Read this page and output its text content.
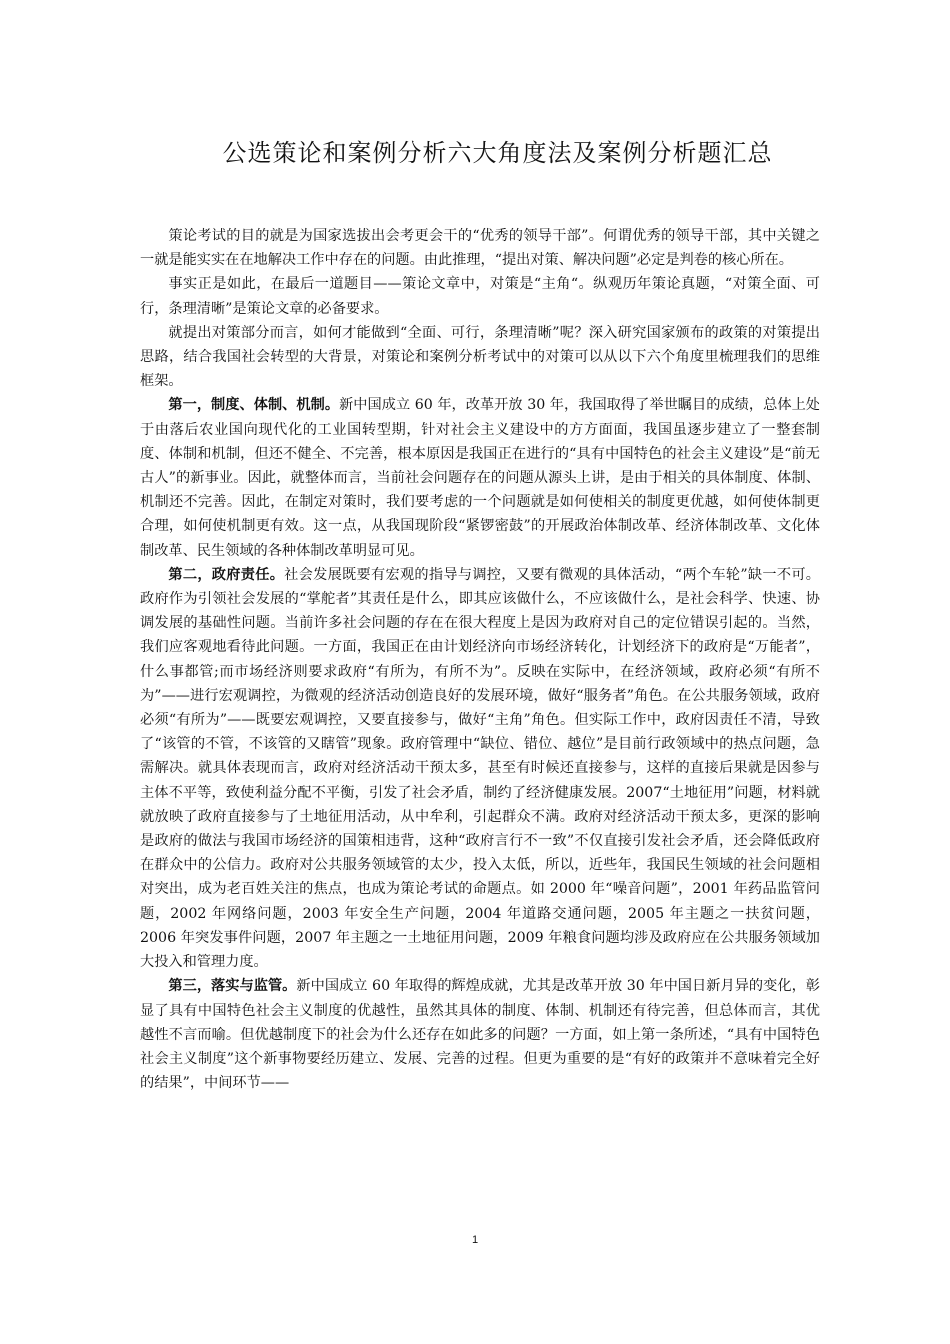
公选策论和案例分析六大角度法及案例分析题汇总

策论考试的目的就是为国家选拔出会考更会干的“优秀的领导干部”。何谓优秀的领导干部，其中关键之一就是能实实在在地解决工作中存在的问题。由此推理，“提出对策、解决问题”必定是判卷的核心所在。

事实正是如此，在最后一道题目——策论文章中，对策是“主角“。纵观历年策论真题，“对策全面、可行，条理清晰”是策论文章的必备要求。

就提出对策部分而言，如何才能做到“全面、可行，条理清晰”呢？深入研究国家颁布的政策的对策提出思路，结合我国社会转型的大背景，对策论和案例分析考试中的对策可以从以下六个角度里梳理我们的思维框架。

第一，制度、体制、机制。新中国成立 60 年，改革开放 30 年，我国取得了举世瞩目的成绩，总体上处于由落后农业国向现代化的工业国转型期，针对社会主义建设中的方方面面，我国虽逐步建立了一整套制度、体制和机制，但还不健全、不完善，根本原因是我国正在进行的“具有中国特色的社会主义建设”是“前无古人”的新事业。因此，就整体而言，当前社会问题存在的问题从源头上讲，是由于相关的具体制度、体制、机制还不完善。因此，在制定对策时，我们要考虑的一个问题就是如何使相关的制度更优越，如何使体制更合理，如何使机制更有效。这一点，从我国现阶段“紧锣密鼓”的开展政治体制改革、经济体制改革、文化体制改革、民生领域的各种体制改革明显可见。

第二，政府责任。社会发展既要有宏观的指导与调控，又要有微观的具体活动，“两个车轮”缺一不可。政府作为引领社会发展的“掌舵者”其责任是什么，即其应该做什么，不应该做什么，是社会科学、快速、协调发展的基础性问题。当前许多社会问题的存在在很大程度上是因为政府对自己的定位错误引起的。当然，我们应客观地看待此问题。一方面，我国正在由计划经济向市场经济转化，计划经济下的政府是“万能者”，什么事都管;而市场经济则要求政府“有所为，有所不为”。反映在实际中，在经济领域，政府必须“有所不为”——进行宏观调控，为微观的经济活动创造良好的发展环境，做好“服务者”角色。在公共服务领域，政府必须“有所为”——既要宏观调控，又要直接参与，做好“主角”角色。但实际工作中，政府因责任不清，导致了“该管的不管，不该管的又瞎管”现象。政府管理中“缺位、错位、越位”是目前行政领域中的热点问题，急需解决。就具体表现而言，政府对经济活动干预太多，甚至有时候还直接参与，这样的直接后果就是因参与主体不平等，致使利益分配不平衡，引发了社会矛盾，制约了经济健康发展。2007“土地征用”问题，材料就就放映了政府直接参与了土地征用活动，从中牟利，引起群众不满。政府对经济活动干预太多，更深的影响是政府的做法与我国市场经济的国策相违背，这种“政府言行不一致”不仅直接引发社会矛盾，还会降低政府在群众中的公信力。政府对公共服务领域管的太少，投入太低，所以，近些年，我国民生领域的社会问题相对突出，成为老百姓关注的焦点，也成为策论考试的命题点。如 2000 年“噪音问题”，2001 年药品监管问题，2002 年网络问题，2003 年安全生产问题，2004 年道路交通问题，2005 年主题之一扶贫问题，2006 年突发事件问题，2007 年主题之一土地征用问题，2009 年粮食问题均涉及政府应在公共服务领域加大投入和管理力度。

第三，落实与监管。新中国成立 60 年取得的辉煌成就，尤其是改革开放 30 年中国日新月异的变化，彰显了具有中国特色社会主义制度的优越性，虽然其具体的制度、体制、机制还有待完善，但总体而言，其优越性不言而喻。但优越制度下的社会为什么还存在如此多的问题？一方面，如上第一条所述，“具有中国特色社会主义制度”这个新事物要经历建立、发展、完善的过程。但更为重要的是“有好的政策并不意味着完全好的结果”，中间环节——

1
